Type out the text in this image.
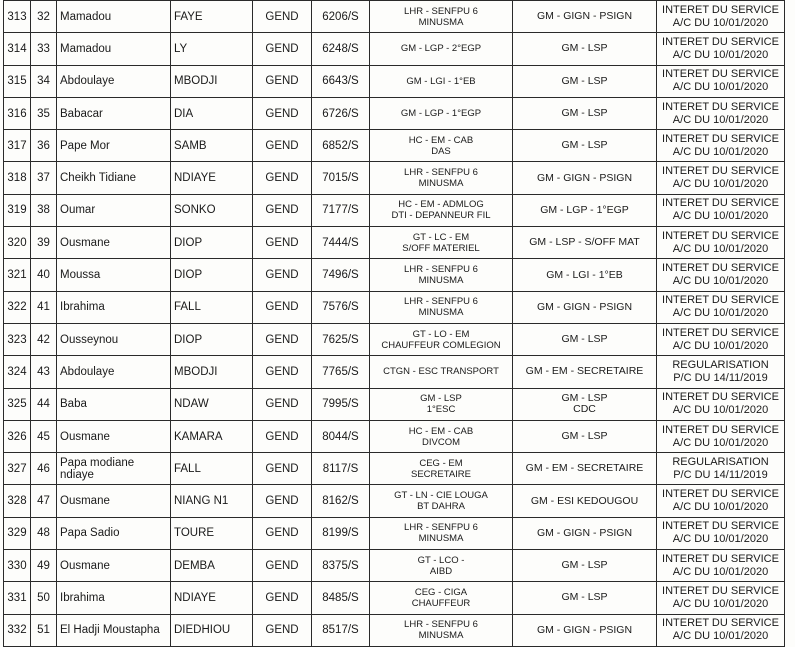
313	32	Mamadou	FAYE	GEND	6206/S	LHR - SENFPU 6
MINUSMA	GM - GIGN - PSIGN	INTERET DU SERVICE
A/C DU 10/01/2020

314	33	Mamadou	LY	GEND	6248/S	GM - LGP - 2°EGP	GM - LSP	INTERET DU SERVICE
A/C DU 10/01/2020

315	34	Abdoulaye	MBODJI	GEND	6643/S	GM - LGI - 1°EB	GM - LSP	INTERET DU SERVICE
A/C DU 10/01/2020

316	35	Babacar	DIA	GEND	6726/S	GM - LGP - 1°EGP	GM - LSP	INTERET DU SERVICE
A/C DU 10/01/2020

317	36	Pape Mor	SAMB	GEND	6852/S	HC - EM - CAB
DAS	GM - LSP	INTERET DU SERVICE
A/C DU 10/01/2020

318	37	Cheikh Tidiane	NDIAYE	GEND	7015/S	LHR - SENFPU 6
MINUSMA	GM - GIGN - PSIGN	INTERET DU SERVICE
A/C DU 10/01/2020

319	38	Oumar	SONKO	GEND	7177/S	HC - EM - ADMLOG
DTI - DEPANNEUR FIL	GM - LGP - 1°EGP	INTERET DU SERVICE
A/C DU 10/01/2020

320	39	Ousmane	DIOP	GEND	7444/S	GT - LC - EM
S/OFF MATERIEL	GM - LSP - S/OFF MAT	INTERET DU SERVICE
A/C DU 10/01/2020

321	40	Moussa	DIOP	GEND	7496/S	LHR - SENFPU 6
MINUSMA	GM - LGI - 1°EB	INTERET DU SERVICE
A/C DU 10/01/2020

322	41	Ibrahima	FALL	GEND	7576/S	LHR - SENFPU 6
MINUSMA	GM - GIGN - PSIGN	INTERET DU SERVICE
A/C DU 10/01/2020

323	42	Ousseynou	DIOP	GEND	7625/S	GT - LO - EM
CHAUFFEUR COMLEGION	GM - LSP	INTERET DU SERVICE
A/C DU 10/01/2020

324	43	Abdoulaye	MBODJI	GEND	7765/S	CTGN - ESC TRANSPORT	GM - EM - SECRETAIRE	REGULARISATION
P/C DU 14/11/2019

325	44	Baba	NDAW	GEND	7995/S	GM - LSP
1°ESC	GM - LSP
CDC	INTERET DU SERVICE
A/C DU 10/01/2020

326	45	Ousmane	KAMARA	GEND	8044/S	HC - EM - CAB
DIVCOM	GM - LSP	INTERET DU SERVICE
A/C DU 10/01/2020

327	46	Papa modiane ndiaye	FALL	GEND	8117/S	CEG - EM
SECRETAIRE	GM - EM - SECRETAIRE	REGULARISATION
P/C DU 14/11/2019

328	47	Ousmane	NIANG N1	GEND	8162/S	GT - LN - CIE LOUGA
BT DAHRA	GM - ESI KEDOUGOU	INTERET DU SERVICE
A/C DU 10/01/2020

329	48	Papa Sadio	TOURE	GEND	8199/S	LHR - SENFPU 6
MINUSMA	GM - GIGN - PSIGN	INTERET DU SERVICE
A/C DU 10/01/2020

330	49	Ousmane	DEMBA	GEND	8375/S	GT - LCO -
AIBD	GM - LSP	INTERET DU SERVICE
A/C DU 10/01/2020

331	50	Ibrahima	NDIAYE	GEND	8485/S	CEG - CIGA
CHAUFFEUR	GM - LSP	INTERET DU SERVICE
A/C DU 10/01/2020

332	51	El Hadji Moustapha	DIEDHIOU	GEND	8517/S	LHR - SENFPU 6
MINUSMA	GM - GIGN - PSIGN	INTERET DU SERVICE
A/C DU 10/01/2020
